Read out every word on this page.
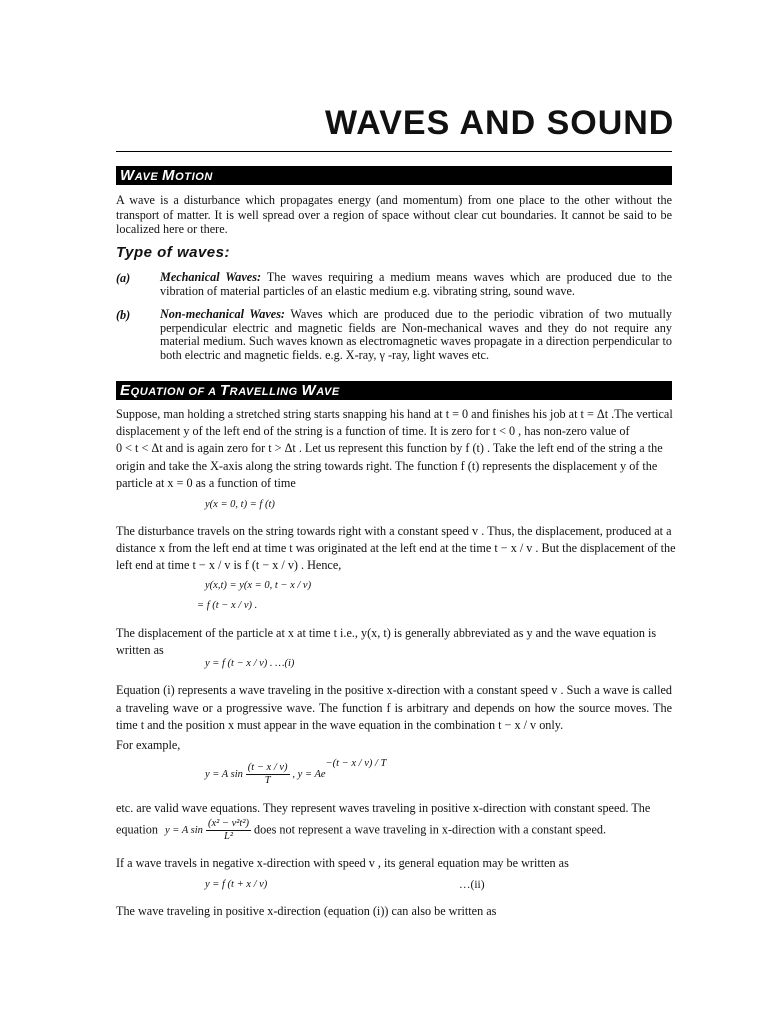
WAVES AND SOUND
WAVE MOTION
A wave is a disturbance which propagates energy (and momentum) from one place to the other without the transport of matter. It is well spread over a region of space without clear cut boundaries. It cannot be said to be localized here or there.
Type of waves:
(a) Mechanical Waves: The waves requiring a medium means waves which are produced due to the vibration of material particles of an elastic medium e.g. vibrating string, sound wave.
(b) Non-mechanical Waves: Waves which are produced due to the periodic vibration of two mutually perpendicular electric and magnetic fields are Non-mechanical waves and they do not require any material medium. Such waves known as electromagnetic waves propagate in a direction perpendicular to both electric and magnetic fields. e.g. X-ray, γ -ray, light waves etc.
EQUATION OF A TRAVELLING WAVE
Suppose, man holding a stretched string starts snapping his hand at t = 0 and finishes his job at t = Δt .The vertical
displacement y of the left end of the string is a function of time. It is zero for t < 0 , has non-zero value of
0 < t < Δt and is again zero for t > Δt . Let us represent this function by f (t) . Take the left end of the string a the
origin and take the X-axis along the string towards right. The function f (t) represents the displacement y of the
particle at x = 0 as a function of time
y(x = 0, t) = f (t)
The disturbance travels on the string towards right with a constant speed v . Thus, the displacement, produced at a
distance x from the left end at time t was originated at the left end at the time t − x / v . But the displacement of the
left end at time t − x / v is f (t − x / v) . Hence,
y(x,t) = y(x = 0, t − x / v)
= f (t − x / v) .
The displacement of the particle at x at time t i.e., y(x, t) is generally abbreviated as y and the wave equation is
written as
y = f (t − x / v) . …(i)
Equation (i) represents a wave traveling in the positive x-direction with a constant speed v . Such a wave is called a traveling wave or a progressive wave. The function f is arbitrary and depends on how the source moves. The time t and the position x must appear in the wave equation in the combination t − x / v only.
For example,
y = A $\sin \frac{(t - x / v)}{T}$ , $y = Ae^{-(t - x / v) / T}$
etc. are valid wave equations. They represent waves traveling in positive x-direction with constant speed. The
equation y = A $\sin \frac{\text{(x² − v²t²)}}{\text{L²}}$ does not represent a wave traveling in x-direction with a constant speed.
If a wave travels in negative x-direction with speed v , its general equation may be written as
y = f (t + x / v)	…(ii)
The wave traveling in positive x-direction (equation (i)) can also be written as
